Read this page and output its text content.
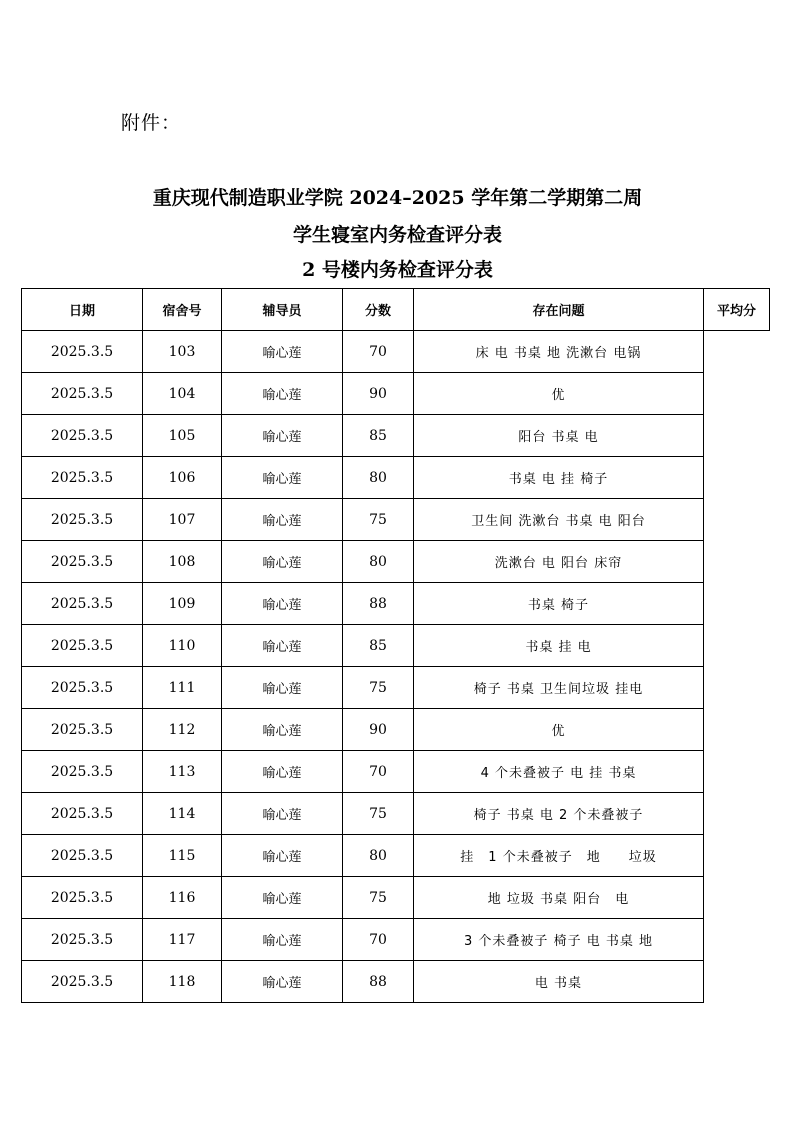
附件：
重庆现代制造职业学院 2024–2025 学年第二学期第二周
学生寝室内务检查评分表
2 号楼内务检查评分表
日期	宿舍号	辅导员	分数	存在问题	平均分
2025.3.5	103	喻心莲	70	床 电 书桌 地 洗漱台 电锅	
2025.3.5	104	喻心莲	90	优	
2025.3.5	105	喻心莲	85	阳台 书桌 电	
2025.3.5	106	喻心莲	80	书桌 电 挂 椅子	
2025.3.5	107	喻心莲	75	卫生间 洗漱台 书桌 电 阳台	
2025.3.5	108	喻心莲	80	洗漱台 电 阳台 床帘	
2025.3.5	109	喻心莲	88	书桌 椅子	
2025.3.5	110	喻心莲	85	书桌 挂 电	
2025.3.5	111	喻心莲	75	椅子 书桌 卫生间垃圾 挂电	
2025.3.5	112	喻心莲	90	优	
2025.3.5	113	喻心莲	70	4 个未叠被子 电 挂 书桌	
2025.3.5	114	喻心莲	75	椅子 书桌 电 2 个未叠被子	
2025.3.5	115	喻心莲	80	挂　1 个未叠被子　地　　垃圾	
2025.3.5	116	喻心莲	75	地 垃圾 书桌 阳台　电	
2025.3.5	117	喻心莲	70	3 个未叠被子 椅子 电 书桌 地	
2025.3.5	118	喻心莲	88	电 书桌	
